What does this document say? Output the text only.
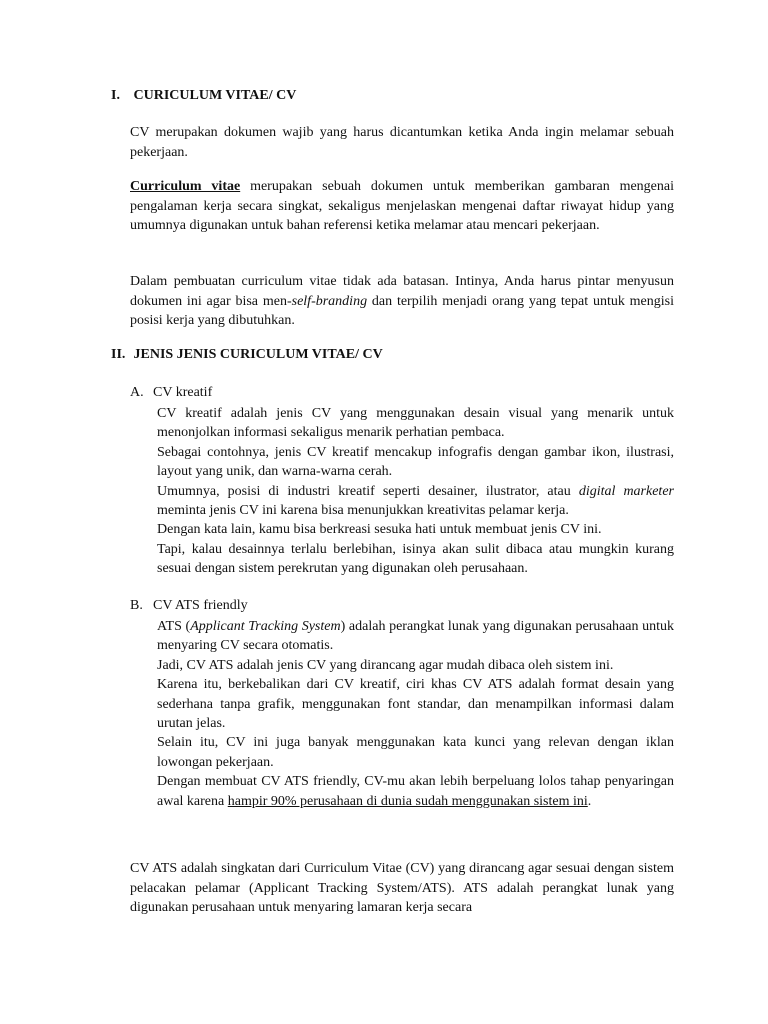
I. CURICULUM VITAE/ CV

CV merupakan dokumen wajib yang harus dicantumkan ketika Anda ingin melamar sebuah pekerjaan.

Curriculum vitae merupakan sebuah dokumen untuk memberikan gambaran mengenai pengalaman kerja secara singkat, sekaligus menjelaskan mengenai daftar riwayat hidup yang umumnya digunakan untuk bahan referensi ketika melamar atau mencari pekerjaan.

Dalam pembuatan curriculum vitae tidak ada batasan. Intinya, Anda harus pintar menyusun dokumen ini agar bisa men-self-branding dan terpilih menjadi orang yang tepat untuk mengisi posisi kerja yang dibutuhkan.

II. JENIS JENIS CURICULUM VITAE/ CV
A. CV kreatif
CV kreatif adalah jenis CV yang menggunakan desain visual yang menarik untuk menonjolkan informasi sekaligus menarik perhatian pembaca.
Sebagai contohnya, jenis CV kreatif mencakup infografis dengan gambar ikon, ilustrasi, layout yang unik, dan warna-warna cerah.
Umumnya, posisi di industri kreatif seperti desainer, ilustrator, atau digital marketer meminta jenis CV ini karena bisa menunjukkan kreativitas pelamar kerja.
Dengan kata lain, kamu bisa berkreasi sesuka hati untuk membuat jenis CV ini.
Tapi, kalau desainnya terlalu berlebihan, isinya akan sulit dibaca atau mungkin kurang sesuai dengan sistem perekrutan yang digunakan oleh perusahaan.
B. CV ATS friendly
ATS (Applicant Tracking System) adalah perangkat lunak yang digunakan perusahaan untuk menyaring CV secara otomatis.
Jadi, CV ATS adalah jenis CV yang dirancang agar mudah dibaca oleh sistem ini.
Karena itu, berkebalikan dari CV kreatif, ciri khas CV ATS adalah format desain yang sederhana tanpa grafik, menggunakan font standar, dan menampilkan informasi dalam urutan jelas.
Selain itu, CV ini juga banyak menggunakan kata kunci yang relevan dengan iklan lowongan pekerjaan.
Dengan membuat CV ATS friendly, CV-mu akan lebih berpeluang lolos tahap penyaringan awal karena hampir 90% perusahaan di dunia sudah menggunakan sistem ini.

CV ATS adalah singkatan dari Curriculum Vitae (CV) yang dirancang agar sesuai dengan sistem pelacakan pelamar (Applicant Tracking System/ATS). ATS adalah perangkat lunak yang digunakan perusahaan untuk menyaring lamaran kerja secara
